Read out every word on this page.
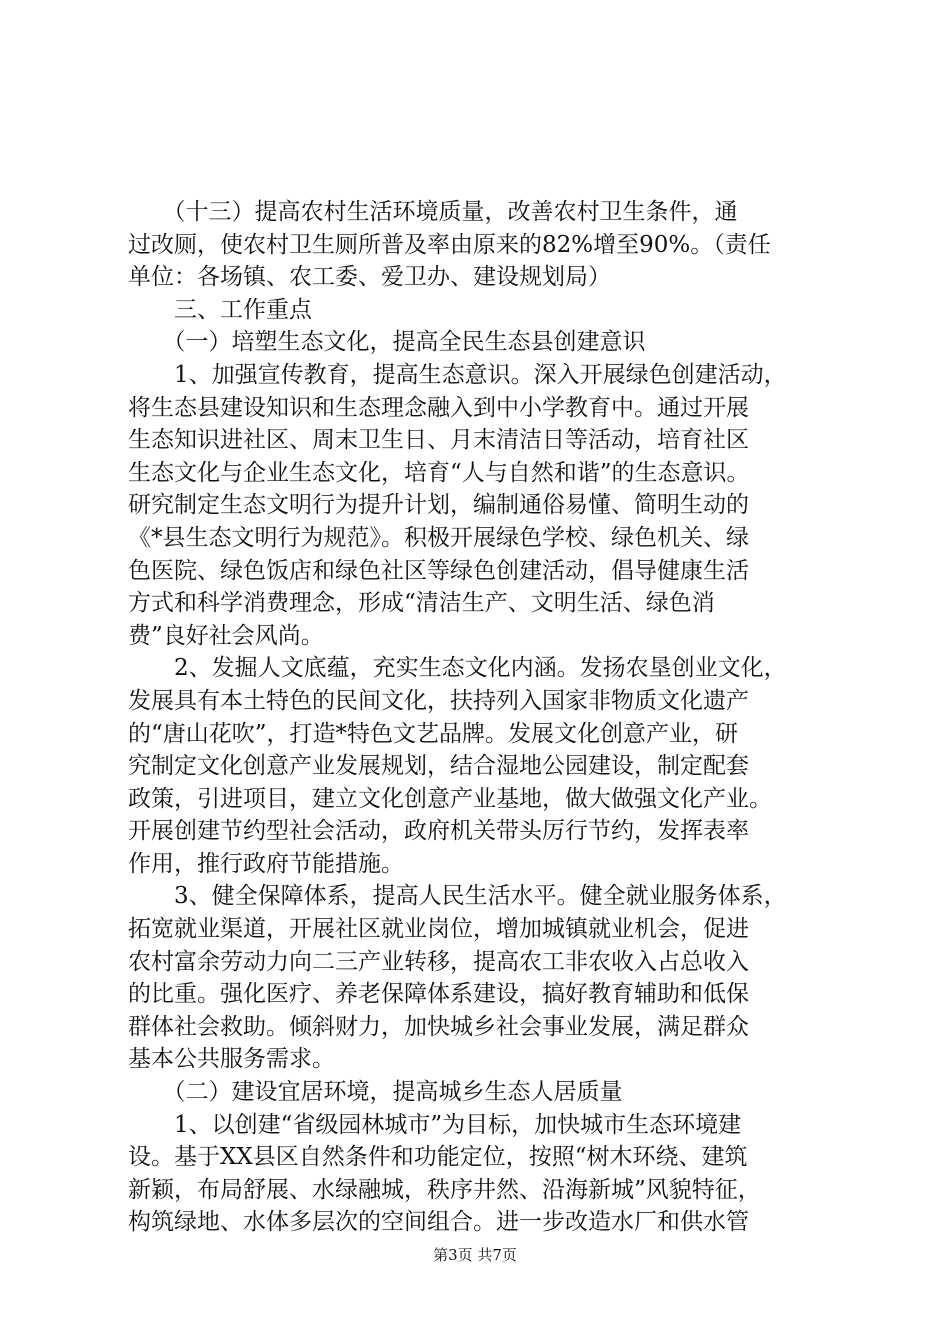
　　（十三）提高农村生活环境质量，改善农村卫生条件，通
过改厕，使农村卫生厕所普及率由原来的82%增至90%。（责任
单位：各场镇、农工委、爱卫办、建设规划局）
　　三、工作重点
　　（一）培塑生态文化，提高全民生态县创建意识
　　1、加强宣传教育，提高生态意识。深入开展绿色创建活动，
将生态县建设知识和生态理念融入到中小学教育中。通过开展
生态知识进社区、周末卫生日、月末清洁日等活动，培育社区
生态文化与企业生态文化，培育“人与自然和谐”的生态意识。
研究制定生态文明行为提升计划，编制通俗易懂、简明生动的
《*县生态文明行为规范》。积极开展绿色学校、绿色机关、绿
色医院、绿色饭店和绿色社区等绿色创建活动，倡导健康生活
方式和科学消费理念，形成“清洁生产、文明生活、绿色消
费”良好社会风尚。
　　2、发掘人文底蕴，充实生态文化内涵。发扬农垦创业文化，
发展具有本土特色的民间文化，扶持列入国家非物质文化遗产
的“唐山花吹”，打造*特色文艺品牌。发展文化创意产业，研
究制定文化创意产业发展规划，结合湿地公园建设，制定配套
政策，引进项目，建立文化创意产业基地，做大做强文化产业。
开展创建节约型社会活动，政府机关带头厉行节约，发挥表率
作用，推行政府节能措施。
　　3、健全保障体系，提高人民生活水平。健全就业服务体系，
拓宽就业渠道，开展社区就业岗位，增加城镇就业机会，促进
农村富余劳动力向二三产业转移，提高农工非农收入占总收入
的比重。强化医疗、养老保障体系建设，搞好教育辅助和低保
群体社会救助。倾斜财力，加快城乡社会事业发展，满足群众
基本公共服务需求。
　　（二）建设宜居环境，提高城乡生态人居质量
　　1、以创建“省级园林城市”为目标，加快城市生态环境建
设。基于XX县区自然条件和功能定位，按照“树木环绕、建筑
新颖，布局舒展、水绿融城，秩序井然、沿海新城”风貌特征，
构筑绿地、水体多层次的空间组合。进一步改造水厂和供水管
第3页 共7页
